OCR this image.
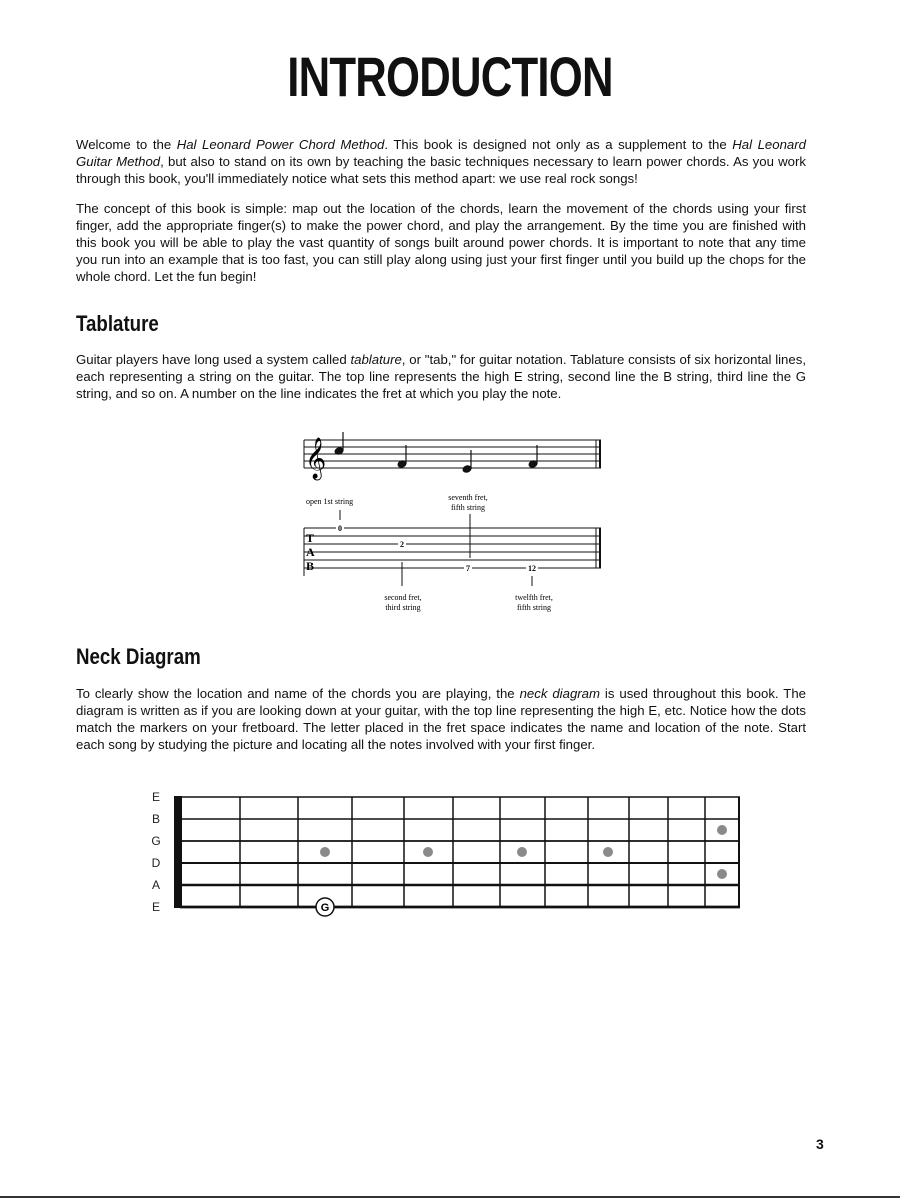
INTRODUCTION

Welcome to the Hal Leonard Power Chord Method. This book is designed not only as a supplement to the Hal Leonard Guitar Method, but also to stand on its own by teaching the basic techniques necessary to learn power chords. As you work through this book, you'll immediately notice what sets this method apart: we use real rock songs!

The concept of this book is simple: map out the location of the chords, learn the movement of the chords using your first finger, add the appropriate finger(s) to make the power chord, and play the arrangement. By the time you are finished with this book you will be able to play the vast quantity of songs built around power chords. It is important to note that any time you run into an example that is too fast, you can still play along using just your first finger until you build up the chops for the whole chord. Let the fun begin!

Tablature

Guitar players have long used a system called tablature, or "tab," for guitar notation. Tablature consists of six horizontal lines, each representing a string on the guitar. The top line represents the high E string, second line the B string, third line the G string, and so on. A number on the line indicates the fret at which you play the note.

𝄞
open 1st string	seventh fret,
fifth string
T
A
B
0
2
7	12
second fret,
third string
twelfth fret,
fifth string
Neck Diagram

To clearly show the location and name of the chords you are playing, the neck diagram is used throughout this book. The diagram is written as if you are looking down at your guitar, with the top line representing the high E, etc. Notice how the dots match the markers on your fretboard. The letter placed in the fret space indicates the name and location of the note. Start each song by studying the picture and locating all the notes involved with your first finger.

E
B
G
D
A
E	G
3
